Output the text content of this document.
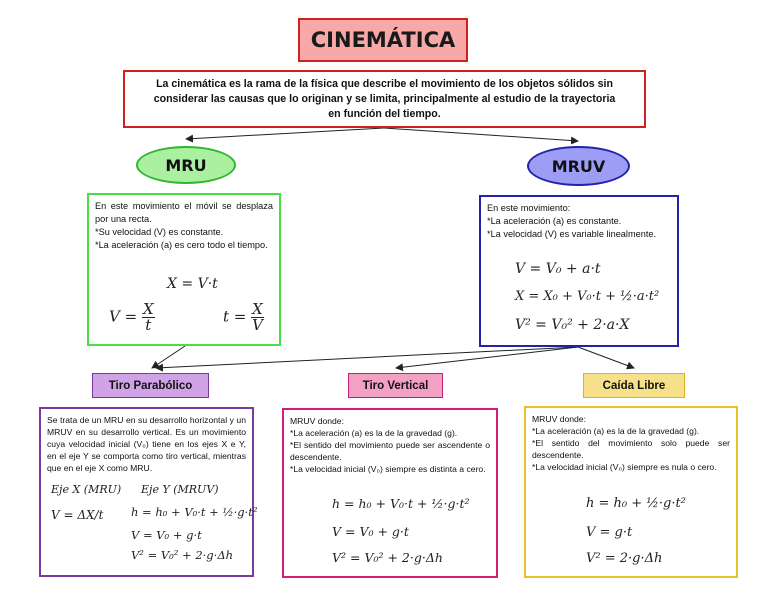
CINEMÁTICA
La cinemática es la rama de la física que describe el movimiento de los objetos sólidos sin considerar las causas que lo originan y se limita, principalmente al estudio de la trayectoria en función del tiempo.
MRU

En este movimiento el móvil se desplaza por una recta.

*Su velocidad (V) es constante.

*La aceleración (a) es cero todo el tiempo.

X = V·t
$V = \frac{X}{t}$	$t = \frac{X}{V}$
MRUV

En este movimiento:

*La aceleración (a) es constante.

*La velocidad (V) es variable linealmente.

V = V₀ + a·t
X = X₀ + V₀·t + ½·a·t²
V² = V₀² + 2·a·X
Tiro Parabólico

Se trata de un MRU en su desarrollo horizontal y un MRUV en su desarrollo vertical. Es un movimiento cuya velocidad inicial (V₀) tiene en los ejes X e Y, en el eje Y se comporta como tiro vertical, mientras que en el eje X como MRU.

Eje X (MRU) Eje Y (MRUV)
V = ΔX/t h = h₀ + V₀·t + ½·g·t²
V = V₀ + g·t
V² = V₀² + 2·g·Δh
Tiro Vertical

MRUV donde:

*La aceleración (a) es la de la gravedad (g).

*El sentido del movimiento puede ser ascendente o descendente.

*La velocidad inicial (V₀) siempre es distinta a cero.

h = h₀ + V₀·t + ½·g·t²
V = V₀ + g·t
V² = V₀² + 2·g·Δh
Caída Libre

MRUV donde:

*La aceleración (a) es la de la gravedad (g).

*El sentido del movimiento solo puede ser descendente.

*La velocidad inicial (V₀) siempre es nula o cero.

h = h₀ + ½·g·t²
V = g·t
V² = 2·g·Δh
